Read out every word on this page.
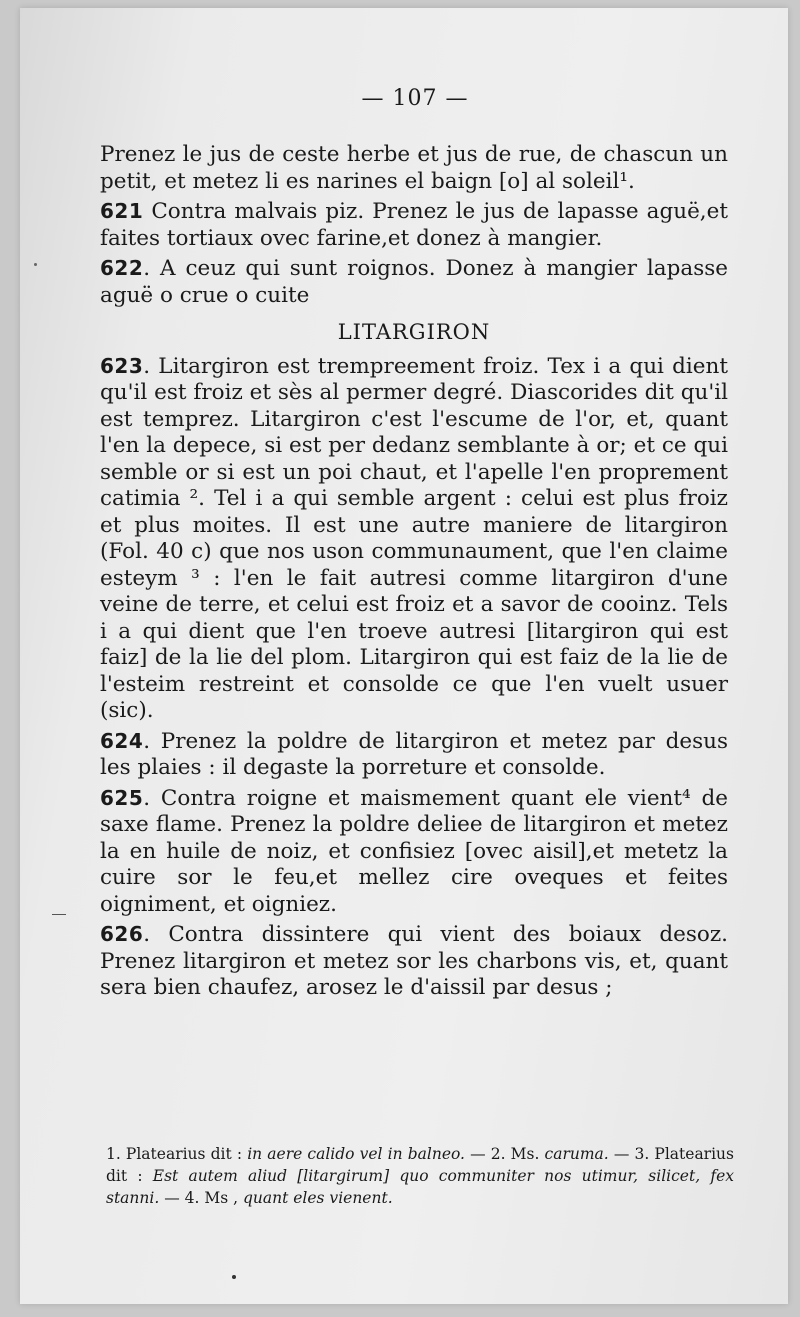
— 107 —

Prenez le jus de ceste herbe et jus de rue, de chascun un petit, et metez li es narines el baign [o] al soleil¹.

621 Contra malvais piz. Prenez le jus de lapasse aguë,et faites tortiaux ovec farine,et donez à mangier.

622. A ceuz qui sunt roignos. Donez à mangier lapasse aguë o crue o cuite

LITARGIRON

623. Litargiron est trempreement froiz. Tex i a qui dient qu'il est froiz et sès al permer degré. Diascorides dit qu'il est temprez. Litargiron c'est l'escume de l'or, et, quant l'en la depece, si est per dedanz semblante à or; et ce qui semble or si est un poi chaut, et l'apelle l'en proprement catimia ². Tel i a qui semble argent : celui est plus froiz et plus moites. Il est une autre maniere de litargiron (Fol. 40 c) que nos uson communaument, que l'en claime esteym ³ : l'en le fait autresi comme litargiron d'une veine de terre, et celui est froiz et a savor de cooinz. Tels i a qui dient que l'en troeve autresi [litargiron qui est faiz] de la lie del plom. Litargiron qui est faiz de la lie de l'esteim restreint et consolde ce que l'en vuelt usuer (sic).

624. Prenez la poldre de litargiron et metez par desus les plaies : il degaste la porreture et consolde.

625. Contra roigne et maismement quant ele vient⁴ de saxe flame. Prenez la poldre deliee de litargiron et metez la en huile de noiz, et confisiez [ovec aisil],et metetz la cuire sor le feu,et mellez cire oveques et feites oigniment, et oigniez.

626. Contra dissintere qui vient des boiaux desoz. Prenez litargiron et metez sor les charbons vis, et, quant sera bien chaufez, arosez le d'aissil par desus ;

1. Platearius dit : in aere calido vel in balneo. — 2. Ms. caruma. — 3. Platearius dit : Est autem aliud [litargirum] quo communiter nos utimur, silicet, fex stanni. — 4. Ms , quant eles vienent.
